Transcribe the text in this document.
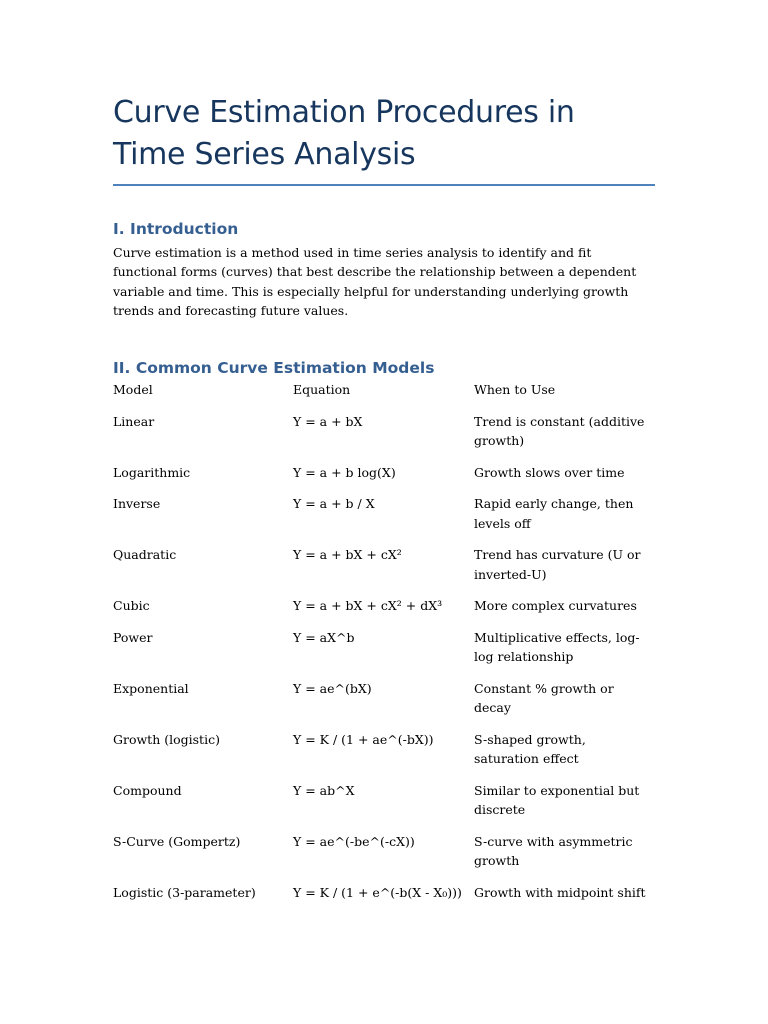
Curve Estimation Procedures in Time Series Analysis
I. Introduction

Curve estimation is a method used in time series analysis to identify and fit functional forms (curves) that best describe the relationship between a dependent variable and time. This is especially helpful for understanding underlying growth trends and forecasting future values.

II. Common Curve Estimation Models
Model	Equation	When to Use
Linear	Y = a + bX	Trend is constant (additive growth)
Logarithmic	Y = a + b log(X)	Growth slows over time
Inverse	Y = a + b / X	Rapid early change, then levels off
Quadratic	Y = a + bX + cX²	Trend has curvature (U or inverted-U)
Cubic	Y = a + bX + cX² + dX³	More complex curvatures
Power	Y = aX^b	Multiplicative effects, log-log relationship
Exponential	Y = ae^(bX)	Constant % growth or decay
Growth (logistic)	Y = K / (1 + ae^(-bX))	S-shaped growth, saturation effect
Compound	Y = ab^X	Similar to exponential but discrete
S-Curve (Gompertz)	Y = ae^(-be^(-cX))	S-curve with asymmetric growth
Logistic (3-parameter)	Y = K / (1 + e^(-b(X - X₀)))	Growth with midpoint shift
